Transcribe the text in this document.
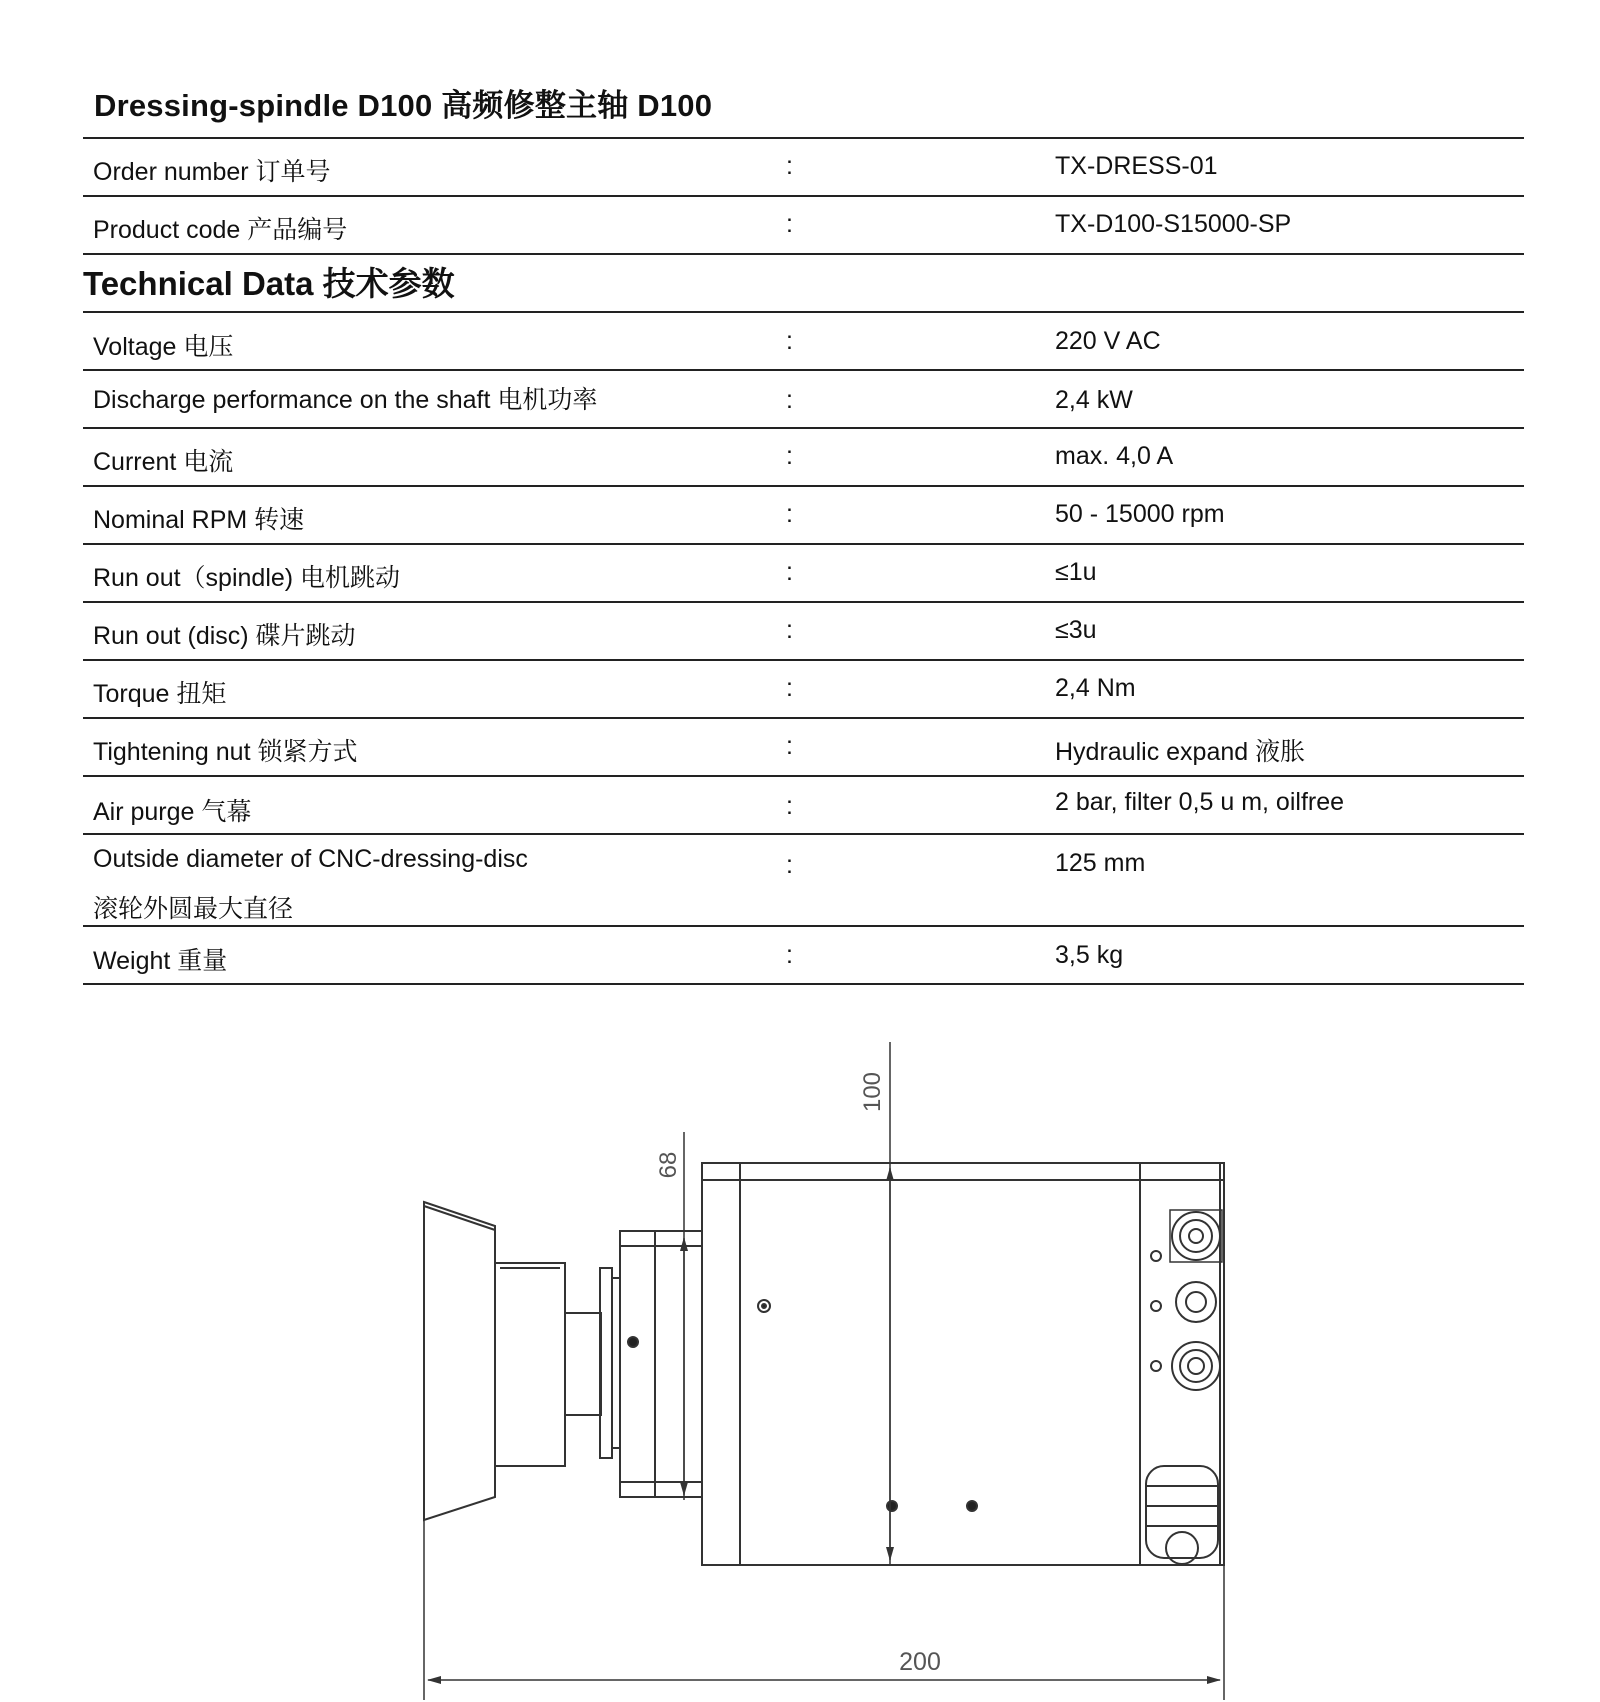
Dressing-spindle D100 高频修整主轴 D100
Order number 订单号	:	TX-DRESS-01
Product code 产品编号	:	TX-D100-S15000-SP
Technical Data 技术参数
Voltage 电压	:	220 V AC
Discharge performance on the shaft 电机功率	:	2,4 kW
Current 电流	:	max. 4,0 A
Nominal RPM 转速	:	50 - 15000 rpm
Run out（spindle) 电机跳动	:	≤1u
Run out (disc) 碟片跳动	:	≤3u
Torque 扭矩	:	2,4 Nm
Tightening nut 锁紧方式	:	Hydraulic expand 液胀
Air purge 气幕	:	2 bar, filter 0,5 u m, oilfree
Outside diameter of CNC-dressing-disc
滚轮外圆最大直径
:	125 mm
Weight 重量	:	3,5 kg
100
68
200
